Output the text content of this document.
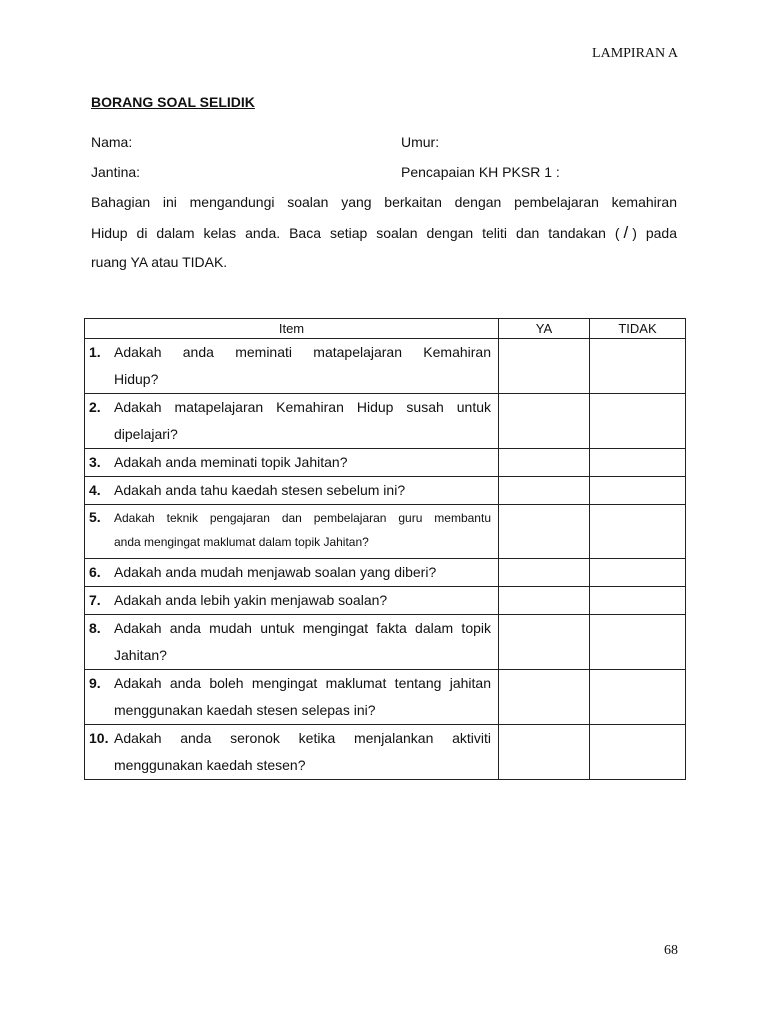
LAMPIRAN A
BORANG SOAL SELIDIK
Nama:	Umur:
Jantina:	Pencapaian KH PKSR 1 :
Bahagian ini mengandungi soalan yang berkaitan dengan pembelajaran kemahiran
Hidup di dalam kelas anda. Baca setiap soalan dengan teliti dan tandakan ( / ) pada
ruang YA atau TIDAK.
Item	YA	TIDAK

1. Adakah anda meminati matapelajaran Kemahiran
Hidup?		

2. Adakah matapelajaran Kemahiran Hidup susah untuk
dipelajari?		

3. Adakah anda meminati topik Jahitan?		

4. Adakah anda tahu kaedah stesen sebelum ini?		

5. Adakah teknik pengajaran dan pembelajaran guru membantu
anda mengingat maklumat dalam topik Jahitan?		

6. Adakah anda mudah menjawab soalan yang diberi?		

7. Adakah anda lebih yakin menjawab soalan?		

8. Adakah anda mudah untuk mengingat fakta dalam topik
Jahitan?		

9. Adakah anda boleh mengingat maklumat tentang jahitan
menggunakan kaedah stesen selepas ini?		

10. Adakah anda seronok ketika menjalankan aktiviti
menggunakan kaedah stesen?		

68
